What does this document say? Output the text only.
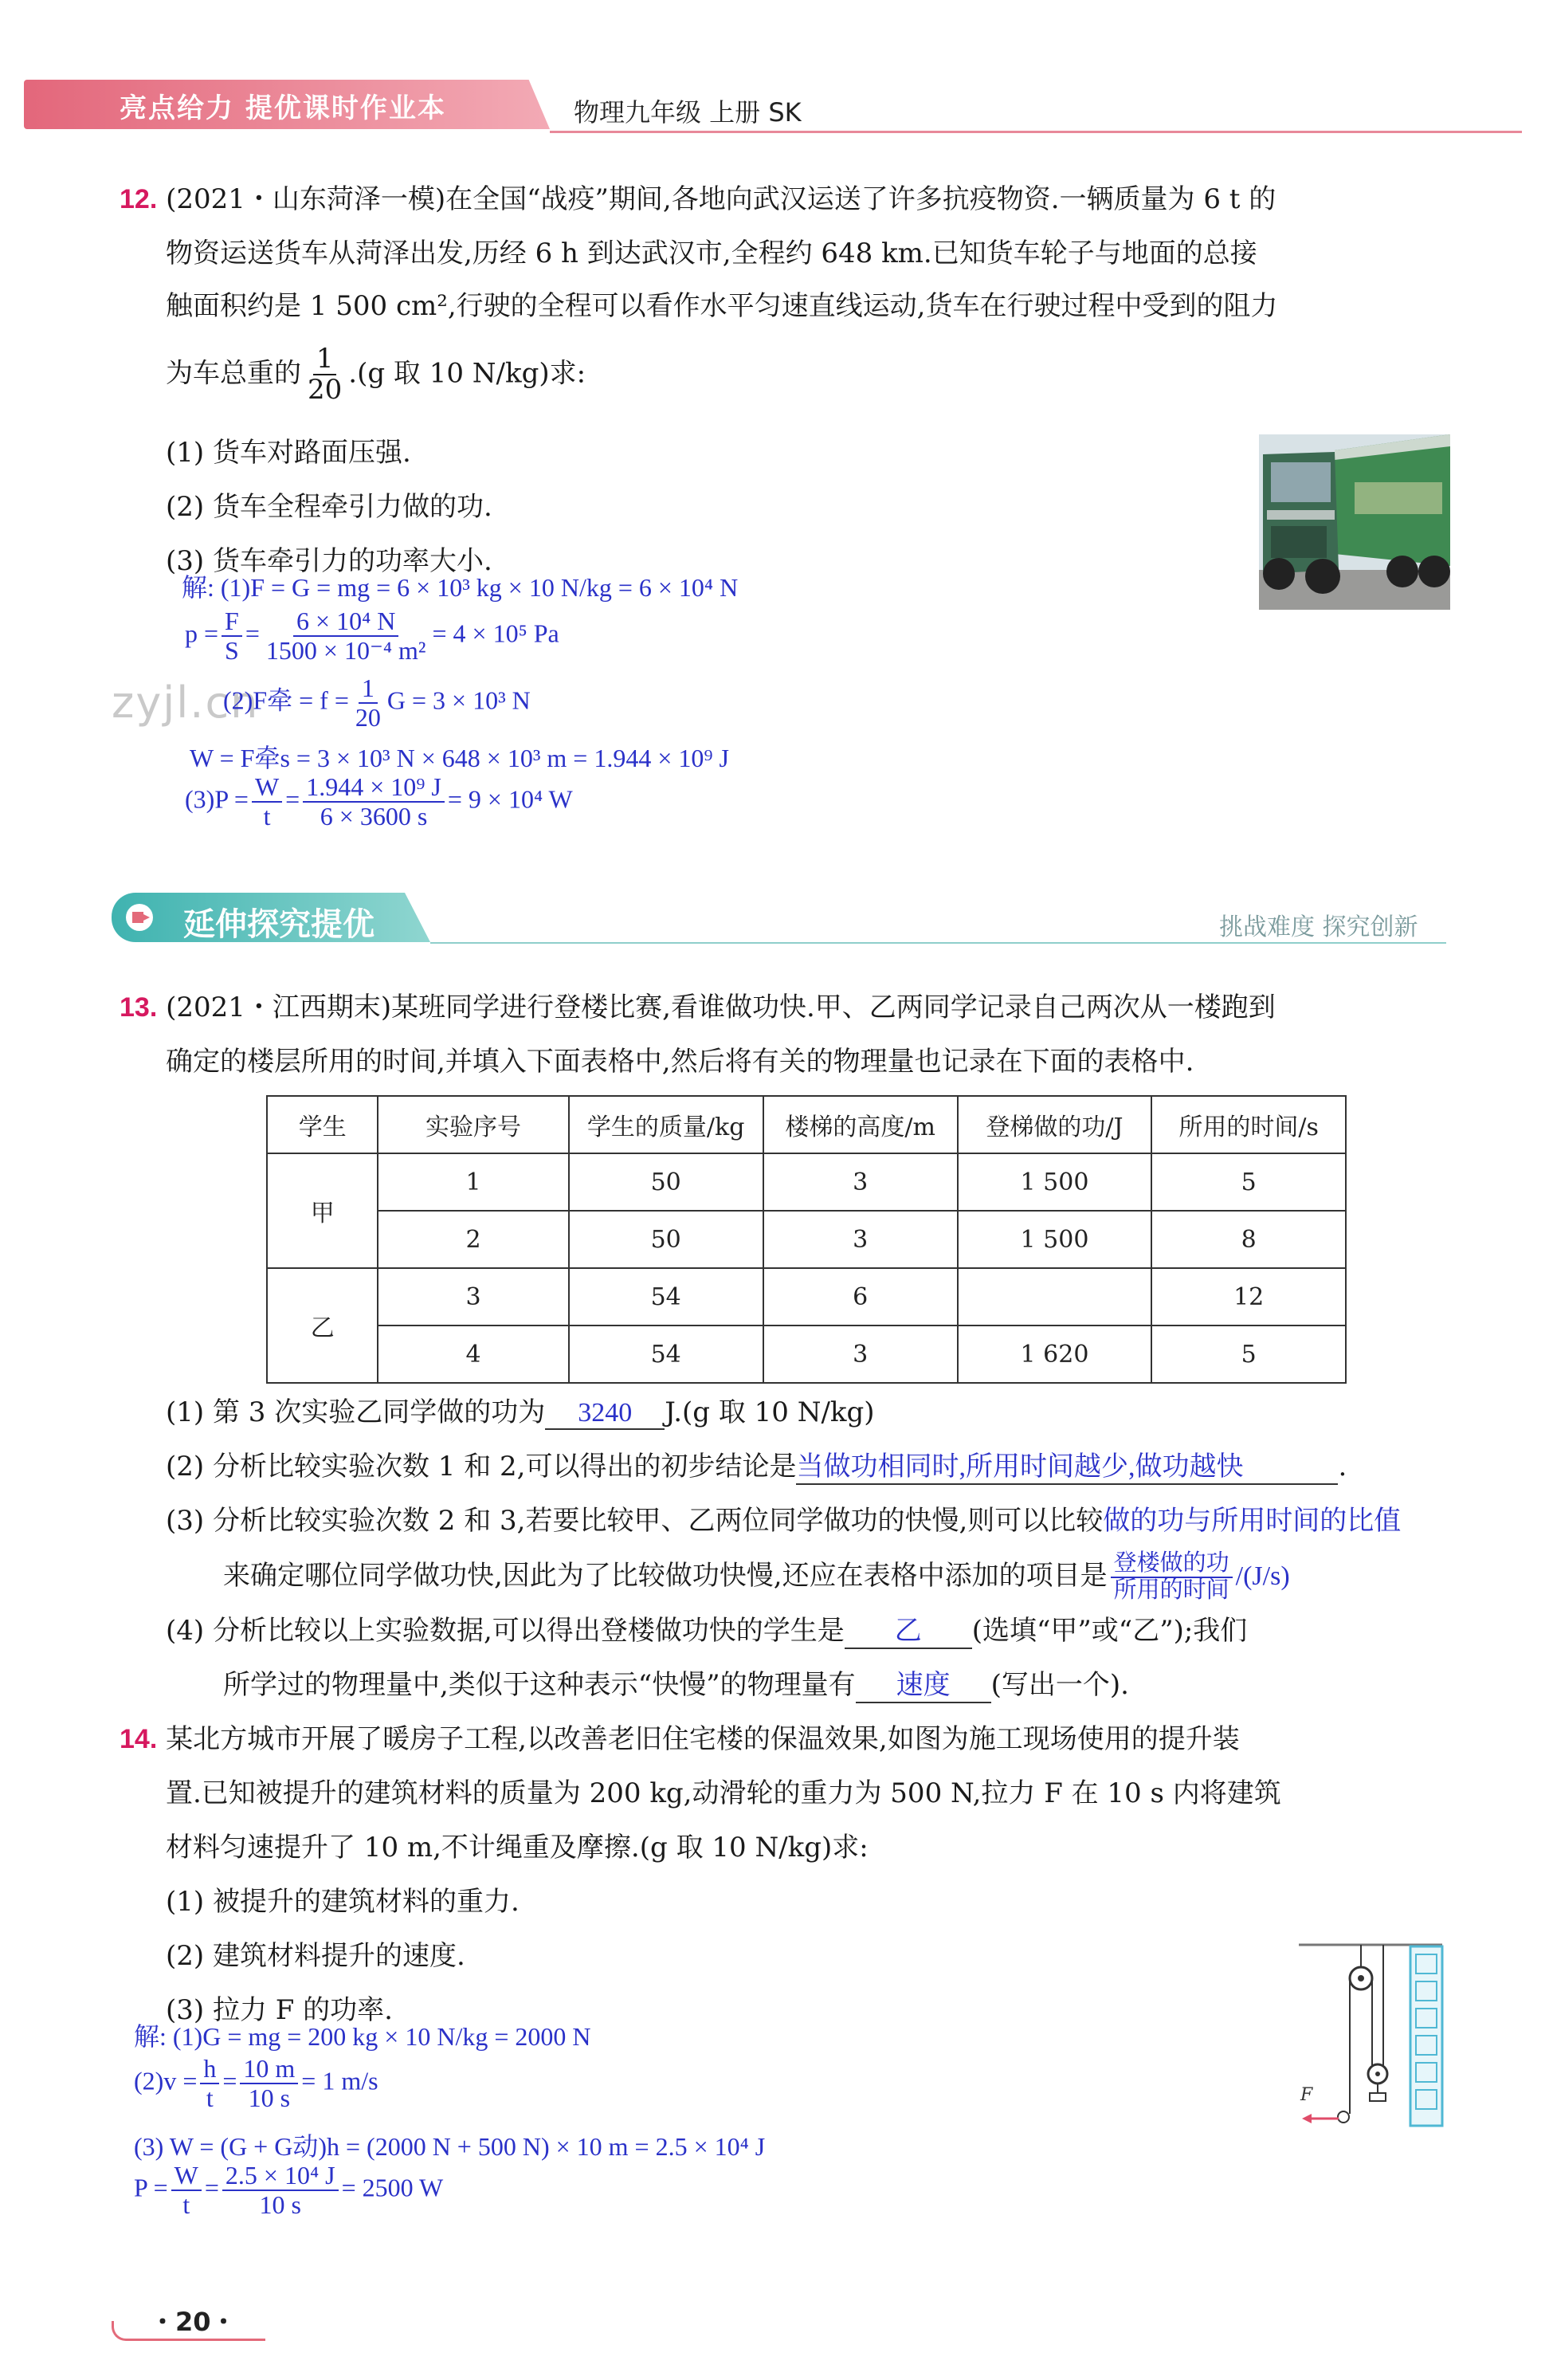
亮点给力 提优课时作业本	物理九年级 上册 SK
12. (2021・山东菏泽一模)在全国“战疫”期间,各地向武汉运送了许多抗疫物资.一辆质量为 6 t 的
物资运送货车从菏泽出发,历经 6 h 到达武汉市,全程约 648 km.已知货车轮子与地面的总接
触面积约是 1 500 cm²,行驶的全程可以看作水平匀速直线运动,货车在行驶过程中受到的阻力
为车总重的 $\frac{1}{20} .(g$ 取 10 N/kg)求:
(1) 货车对路面压强.
(2) 货车全程牵引力做的功.
(3) 货车牵引力的功率大小.
解: (1)F = G = mg = 6 × 10³ kg × 10 N/kg = 6 × 10⁴ N
$p = \frac{F}{S} = \frac{\text{6 × 10⁴ N}}{\text{1500 × 10⁻⁴ m²}} = 4 \times 10^5$ Pa
zyjl.cn
(2)F牵 = $f = \frac{1}{20}$ G = 3 × 10³ N
W = F牵s = 3 × 10³ N × 648 × 10³ m = 1.944 × 10⁹ J
$(3)P = \frac{W}{t} = \frac{\text{1.944 × 10⁹ J}}{6 \times 3600 s} = 9 \times 10^4$ W
延伸探究提优	挑战难度 探究创新
13. (2021・江西期末)某班同学进行登楼比赛,看谁做功快.甲、乙两同学记录自己两次从一楼跑到
确定的楼层所用的时间,并填入下面表格中,然后将有关的物理量也记录在下面的表格中.
学生	实验序号	学生的质量/kg	楼梯的高度/m	登梯做的功/J	所用的时间/s
甲	1	50	3	1 500	5
	2	50	3	1 500	8
乙	3	54	6		12
	4	54	3	1 620	5
(1) 第 3 次实验乙同学做的功为 3240 J.(g 取 10 N/kg)
(2) 分析比较实验次数 1 和 2,可以得出的初步结论是当做功相同时,所用时间越少,做功越快	.
(3) 分析比较实验次数 2 和 3,若要比较甲、乙两位同学做功的快慢,则可以比较做的功与所用时间的比值
来确定哪位同学做功快,因此为了比较做功快慢,还应在表格中添加的项目是 $\frac{\text{登楼做的功}}{\text{所用的时间}} /(J/s)$
(4) 分析比较以上实验数据,可以得出登楼做功快的学生是 乙 (选填“甲”或“乙”);我们
所学过的物理量中,类似于这种表示“快慢”的物理量有 速度 (写出一个).
14. 某北方城市开展了暖房子工程,以改善老旧住宅楼的保温效果,如图为施工现场使用的提升装
置.已知被提升的建筑材料的质量为 200 kg,动滑轮的重力为 500 N,拉力 F 在 10 s 内将建筑
材料匀速提升了 10 m,不计绳重及摩擦.(g 取 10 N/kg)求:
(1) 被提升的建筑材料的重力.
(2) 建筑材料提升的速度.
(3) 拉力 F 的功率.
F
解: (1)G = mg = 200 kg × 10 N/kg = 2000 N
$(2)v = \frac{h}{t} = \frac{10 m}{10 s} = 1$ m/s
(3) W = (G + G动)h = (2000 N + 500 N) × 10 m = 2.5 × 10⁴ J
$P = \frac{W}{t} = \frac{\text{2.5 × 10⁴ J}}{10 s} = 2500$ W
・20・
